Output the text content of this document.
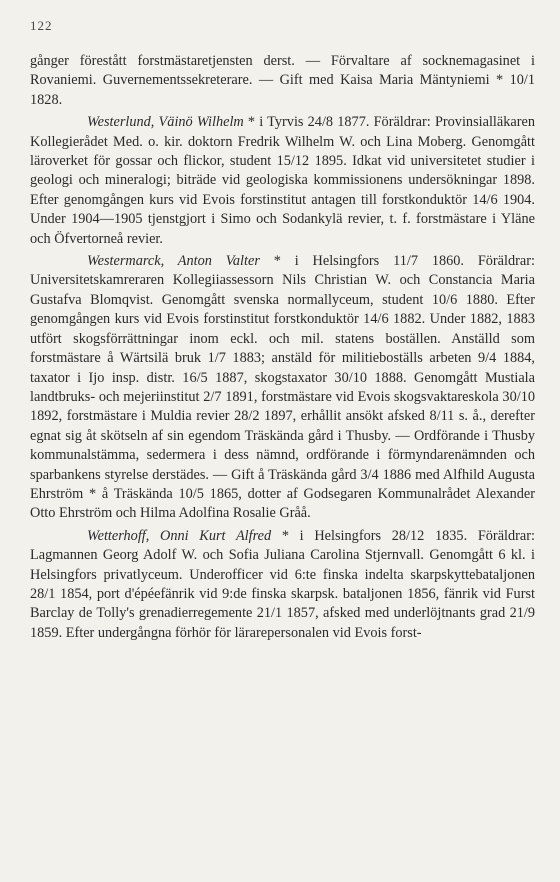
122

gånger förestått forstmästaretjensten derst. — Förvaltare af socknemagasinet i Rovaniemi. Guvernementssekreterare. — Gift med Kaisa Maria Mäntyniemi * 10/1 1828.

Westerlund, Väinö Wilhelm * i Tyrvis 24/8 1877. Föräldrar: Provinsialläkaren Kollegierådet Med. o. kir. doktorn Fredrik Wilhelm W. och Lina Moberg. Genomgått läroverket för gossar och flickor, student 15/12 1895. Idkat vid universitetet studier i geologi och mineralogi; biträde vid geologiska kommissionens undersökningar 1898. Efter genomgången kurs vid Evois forstinstitut antagen till forstkonduktör 14/6 1904. Under 1904—1905 tjenstgjort i Simo och Sodankylä revier, t. f. forstmästare i Yläne och Öfvertorneå revier.

Westermarck, Anton Valter * i Helsingfors 11/7 1860. Föräldrar: Universitetskamreraren Kollegiiassessorn Nils Christian W. och Constancia Maria Gustafva Blomqvist. Genomgått svenska normallyceum, student 10/6 1880. Efter genomgången kurs vid Evois forstinstitut forstkonduktör 14/6 1882. Under 1882, 1883 utfört skogsförrättningar inom eckl. och mil. statens boställen. Anställd som forstmästare å Wärtsilä bruk 1/7 1883; anstäld för militieboställs arbeten 9/4 1884, taxator i Ijo insp. distr. 16/5 1887, skogstaxator 30/10 1888. Genomgått Mustiala landtbruks- och mejeriinstitut 2/7 1891, forstmästare vid Evois skogsvaktareskola 30/10 1892, forstmästare i Muldia revier 28/2 1897, erhållit ansökt afsked 8/11 s. å., derefter egnat sig åt skötseln af sin egendom Träskända gård i Thusby. — Ordförande i Thusby kommunalstämma, sedermera i dess nämnd, ordförande i förmyndarenämnden och sparbankens styrelse derstädes. — Gift å Träskända gård 3/4 1886 med Alfhild Augusta Ehrström * å Träskända 10/5 1865, dotter af Godsegaren Kommunalrådet Alexander Otto Ehrström och Hilma Adolfina Rosalie Gråå.

Wetterhoff, Onni Kurt Alfred * i Helsingfors 28/12 1835. Föräldrar: Lagmannen Georg Adolf W. och Sofia Juliana Carolina Stjernvall. Genomgått 6 kl. i Helsingfors privatlyceum. Underofficer vid 6:te finska indelta skarpskyttebataljonen 28/1 1854, port d'épéefänrik vid 9:de finska skarpsk. bataljonen 1856, fänrik vid Furst Barclay de Tolly's grenadierregemente 21/1 1857, afsked med underlöjtnants grad 21/9 1859. Efter undergångna förhör för lärarepersonalen vid Evois forst-
